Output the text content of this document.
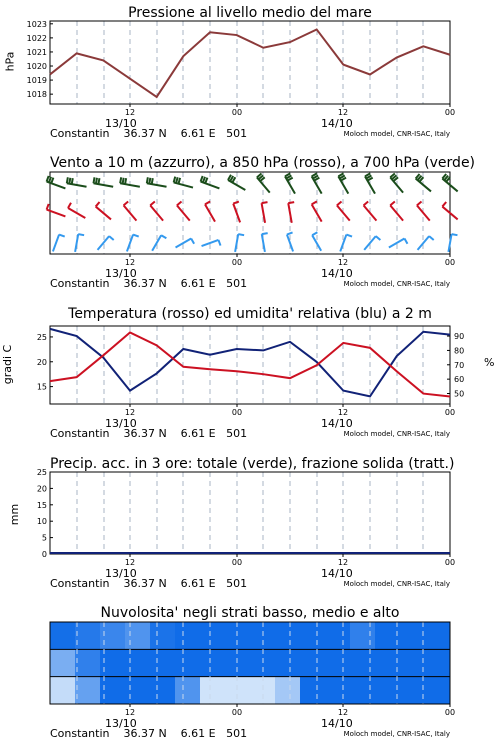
Pressione al livello medio del mare
hPa
12	00	12	00
1018
1019
1020
1021
1022
1023
Constantin    36.37 N    6.61 E   501	Moloch model, CNR-ISAC, Italy
13/10	14/10
Vento a 10 m (azzurro), a 850 hPa (rosso), a 700 hPa (verde)
12	00	12	00
Constantin    36.37 N    6.61 E   501	Moloch model, CNR-ISAC, Italy
13/10	14/10
Temperatura (rosso) ed umidita' relativa (blu) a 2 m
gradi C	%
12	00	12	00
15
20
25
50
60
70
80
90
Constantin    36.37 N    6.61 E   501	Moloch model, CNR-ISAC, Italy
13/10	14/10
Precip. acc. in 3 ore: totale (verde), frazione solida (tratt.)
mm
12	00	12	00
0
5
10
15
20
25
Constantin    36.37 N    6.61 E   501	Moloch model, CNR-ISAC, Italy
13/10	14/10
Nuvolosita' negli strati basso, medio e alto
12	00	12	00
Constantin    36.37 N    6.61 E   501	Moloch model, CNR-ISAC, Italy
13/10	14/10
